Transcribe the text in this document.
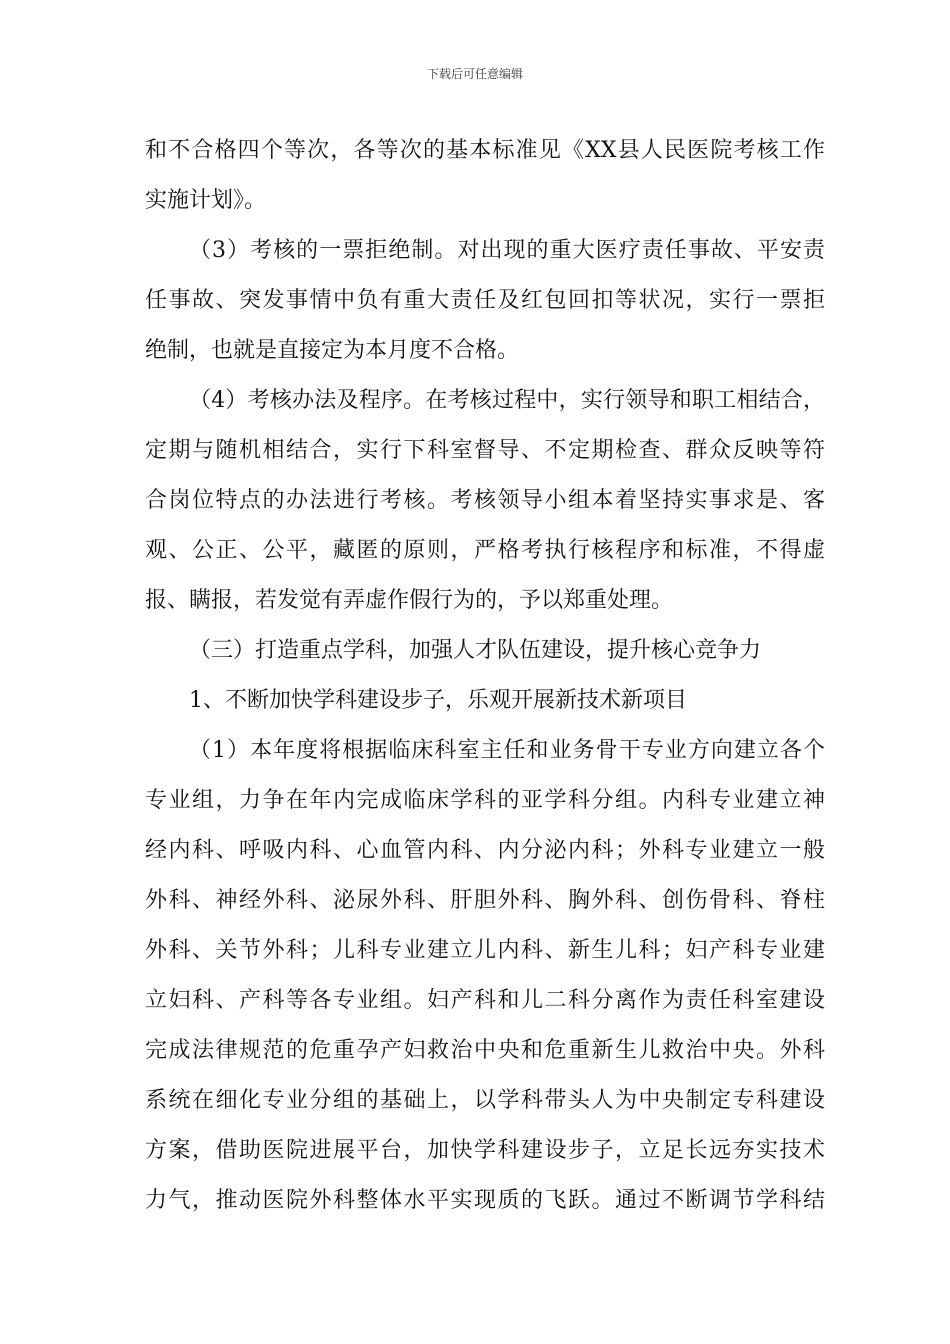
下载后可任意编辑
和不合格四个等次，各等次的基本标准见《XX县人民医院考核工作
实施计划》。
（3）考核的一票拒绝制。对出现的重大医疗责任事故、平安责
任事故、突发事情中负有重大责任及红包回扣等状况，实行一票拒
绝制，也就是直接定为本月度不合格。
（4）考核办法及程序。在考核过程中，实行领导和职工相结合，
定期与随机相结合，实行下科室督导、不定期检查、群众反映等符
合岗位特点的办法进行考核。考核领导小组本着坚持实事求是、客
观、公正、公平，藏匿的原则，严格考执行核程序和标准，不得虚
报、瞒报，若发觉有弄虚作假行为的，予以郑重处理。
（三）打造重点学科，加强人才队伍建设，提升核心竞争力
1、不断加快学科建设步子，乐观开展新技术新项目
（1）本年度将根据临床科室主任和业务骨干专业方向建立各个
专业组，力争在年内完成临床学科的亚学科分组。内科专业建立神
经内科、呼吸内科、心血管内科、内分泌内科；外科专业建立一般
外科、神经外科、泌尿外科、肝胆外科、胸外科、创伤骨科、脊柱
外科、关节外科；儿科专业建立儿内科、新生儿科；妇产科专业建
立妇科、产科等各专业组。妇产科和儿二科分离作为责任科室建设
完成法律规范的危重孕产妇救治中央和危重新生儿救治中央。外科
系统在细化专业分组的基础上，以学科带头人为中央制定专科建设
方案，借助医院进展平台，加快学科建设步子，立足长远夯实技术
力气，推动医院外科整体水平实现质的飞跃。通过不断调节学科结
